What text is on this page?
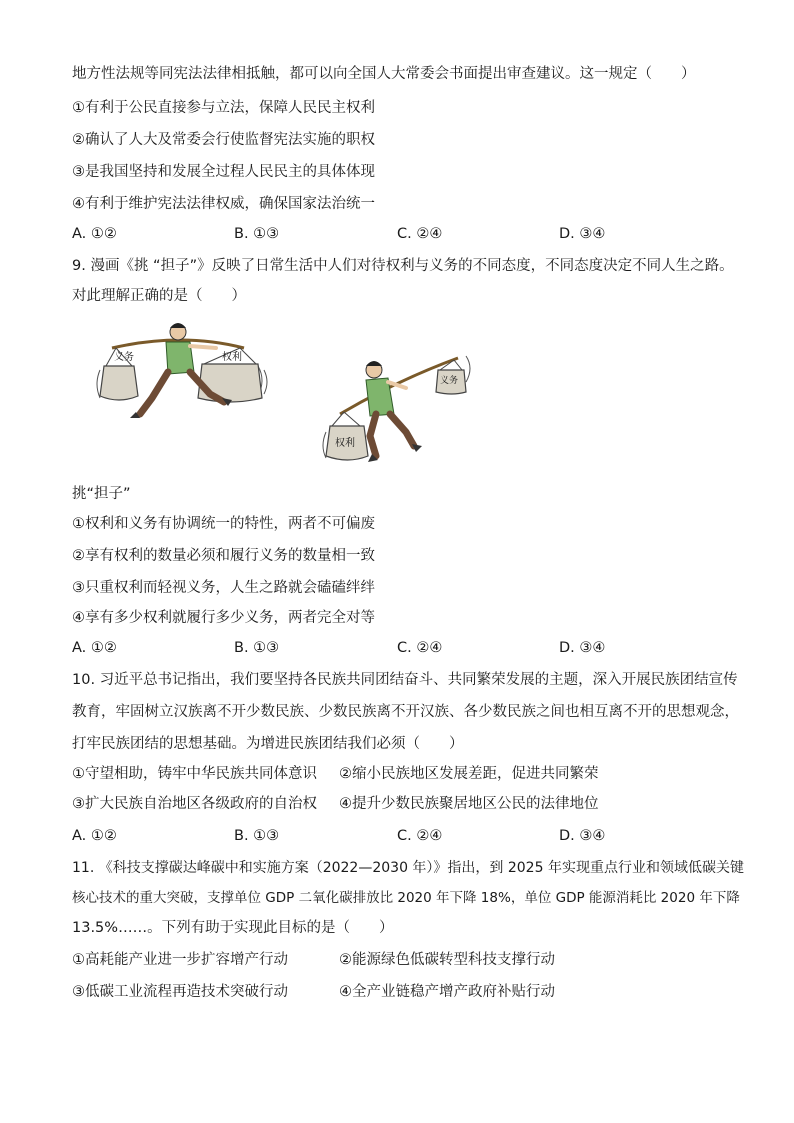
地方性法规等同宪法法律相抵触，都可以向全国人大常委会书面提出审查建议。这一规定（　　）
①有利于公民直接参与立法，保障人民民主权利
②确认了人大及常委会行使监督宪法实施的职权
③是我国坚持和发展全过程人民民主的具体体现
④有利于维护宪法法律权威，确保国家法治统一
A. ①②	B. ①③	C. ②④	D. ③④
9. 漫画《挑 “担子”》反映了日常生活中人们对待权利与义务的不同态度，不同态度决定不同人生之路。
对此理解正确的是（　　）
义务	权利
权利
义务
挑“担子”
①权利和义务有协调统一的特性，两者不可偏废
②享有权利的数量必须和履行义务的数量相一致
③只重权利而轻视义务，人生之路就会磕磕绊绊
④享有多少权利就履行多少义务，两者完全对等
A. ①②	B. ①③	C. ②④	D. ③④
10. 习近平总书记指出，我们要坚持各民族共同团结奋斗、共同繁荣发展的主题，深入开展民族团结宣传
教育，牢固树立汉族离不开少数民族、少数民族离不开汉族、各少数民族之间也相互离不开的思想观念，
打牢民族团结的思想基础。为增进民族团结我们必须（　　）
①守望相助，铸牢中华民族共同体意识 ②缩小民族地区发展差距，促进共同繁荣
③扩大民族自治地区各级政府的自治权 ④提升少数民族聚居地区公民的法律地位
A. ①②	B. ①③	C. ②④	D. ③④
11. 《科技支撑碳达峰碳中和实施方案（2022—2030 年）》指出，到 2025 年实现重点行业和领域低碳关键
核心技术的重大突破，支撑单位 GDP 二氧化碳排放比 2020 年下降 18%，单位 GDP 能源消耗比 2020 年下降
13.5%……。下列有助于实现此目标的是（　　）
①高耗能产业进一步扩容增产行动	②能源绿色低碳转型科技支撑行动
③低碳工业流程再造技术突破行动	④全产业链稳产增产政府补贴行动
